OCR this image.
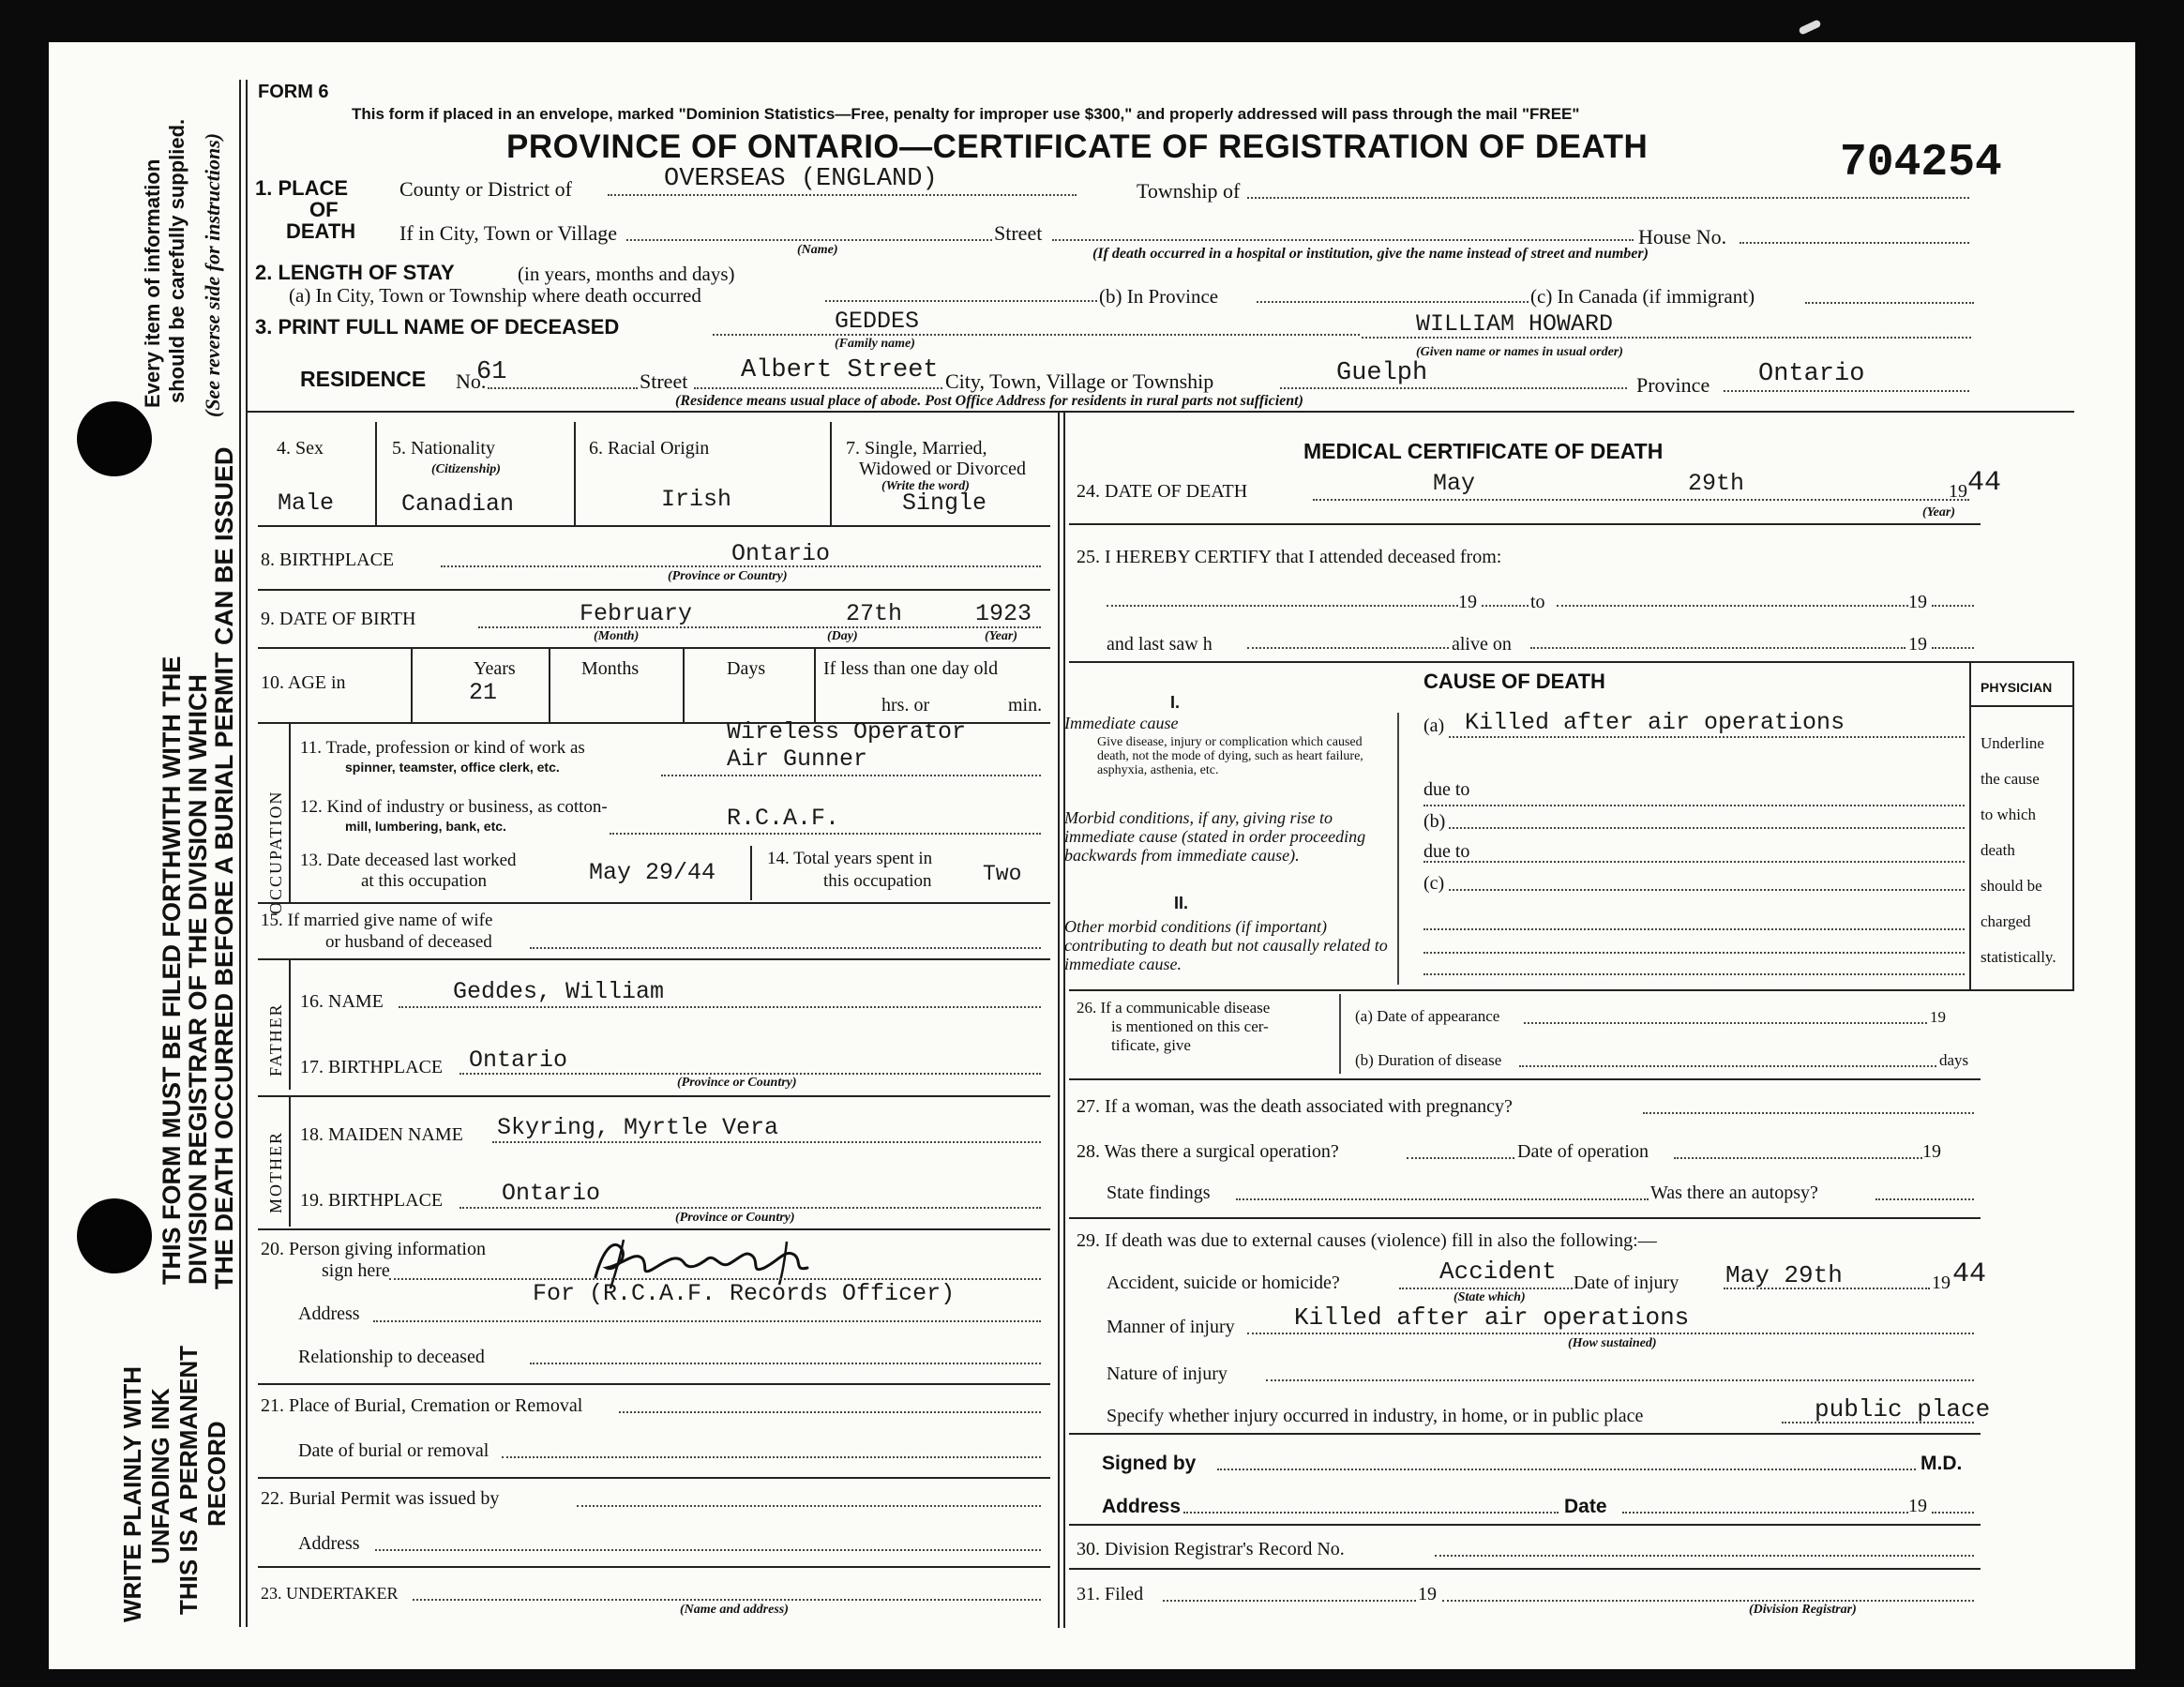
Every item of information should be carefully supplied. (See reverse side for instructions)
THIS FORM MUST BE FILED FORTHWITH WITH THE
DIVISION REGISTRAR OF THE DIVISION IN WHICH
THE DEATH OCCURRED BEFORE A BURIAL PERMIT CAN BE ISSUED
WRITE PLAINLY WITH UNFADING INK THIS IS A PERMANENT RECORD
FORM 6
This form if placed in an envelope, marked "Dominion Statistics—Free, penalty for improper use $300," and properly addressed will pass through the mail "FREE"
PROVINCE OF ONTARIO—CERTIFICATE OF REGISTRATION OF DEATH	704254
1. PLACE
OF
DEATH
County or District of	OVERSEAS (ENGLAND)	Township of
If in City, Town or Village	Street	House No.
(Name)	(If death occurred in a hospital or institution, give the name instead of street and number)
2. LENGTH OF STAY	(in years, months and days)
(a) In City, Town or Township where death occurred	(b) In Province	(c) In Canada (if immigrant)
3. PRINT FULL NAME OF DECEASED	GEDDES
(Family name)
WILLIAM HOWARD
(Given name or names in usual order)
RESIDENCE No.
61	Street Albert Street City, Town, Village or Township	Guelph	Province Ontario
(Residence means usual place of abode. Post Office Address for residents in rural parts not sufficient)
4. Sex
Male
5. Nationality
(Citizenship)
Canadian
6. Racial Origin
Irish
7. Single, Married,
Widowed or Divorced
(Write the word)
Single
8. BIRTHPLACE	Ontario
(Province or Country)
9. DATE OF BIRTH	February	27th	1923
(Month)	(Day)	(Year)
10. AGE in
Years
21
Months	Days	If less than one day old
hrs. or	min.
OCCUPATION
11. Trade, profession or kind of work as
spinner, teamster, office clerk, etc.
Wireless Operator
Air Gunner
12. Kind of industry or business, as cotton-
mill, lumbering, bank, etc.	R.C.A.F.
13. Date deceased last worked
at this occupation	May 29/44
14. Total years spent in
this occupation Two
15. If married give name of wife
or husband of deceased
FATHER
16. NAME	Geddes, William
17. BIRTHPLACE Ontario
(Province or Country)
MOTHER 18. MAIDEN NAME Skyring, Myrtle Vera
19. BIRTHPLACE	Ontario
(Province or Country)
20. Person giving information
sign here
For (R.C.A.F. Records Officer)
Address
Relationship to deceased
21. Place of Burial, Cremation or Removal
Date of burial or removal
22. Burial Permit was issued by
Address
23. UNDERTAKER
(Name and address)
MEDICAL CERTIFICATE OF DEATH
24. DATE OF DEATH	May	29th	19 44
(Year)
25. I HEREBY CERTIFY that I attended deceased from:
19	to	19
and last saw h	alive on	19
CAUSE OF DEATH	PHYSICIAN
I.
Immediate cause
Give disease, injury or complication which caused death, not the mode of dying, such as heart failure, asphyxia, asthenia, etc.
(a) Killed after air operations
due to
Morbid conditions, if any, giving rise to immediate cause (stated in order proceeding backwards from immediate cause).
(b)
due to
(c)
II.
Other morbid conditions (if important) contributing to death but not causally related to immediate cause.
Underline
the cause
to which
death
should be
charged
statistically.
26. If a communicable disease
is mentioned on this cer-
tificate, give
(a) Date of appearance	19
(b) Duration of disease	days
27. If a woman, was the death associated with pregnancy?
28. Was there a surgical operation?	Date of operation	19
State findings	Was there an autopsy?
29. If death was due to external causes (violence) fill in also the following:—
Accident, suicide or homicide?	Accident
(State which)
Date of injury May 29th	19 44
Manner of injury Killed after air operations
(How sustained)
Nature of injury
Specify whether injury occurred in industry, in home, or in public place	public place
Signed by	M.D.
Address	Date	19
30. Division Registrar's Record No.
31. Filed	19
(Division Registrar)
